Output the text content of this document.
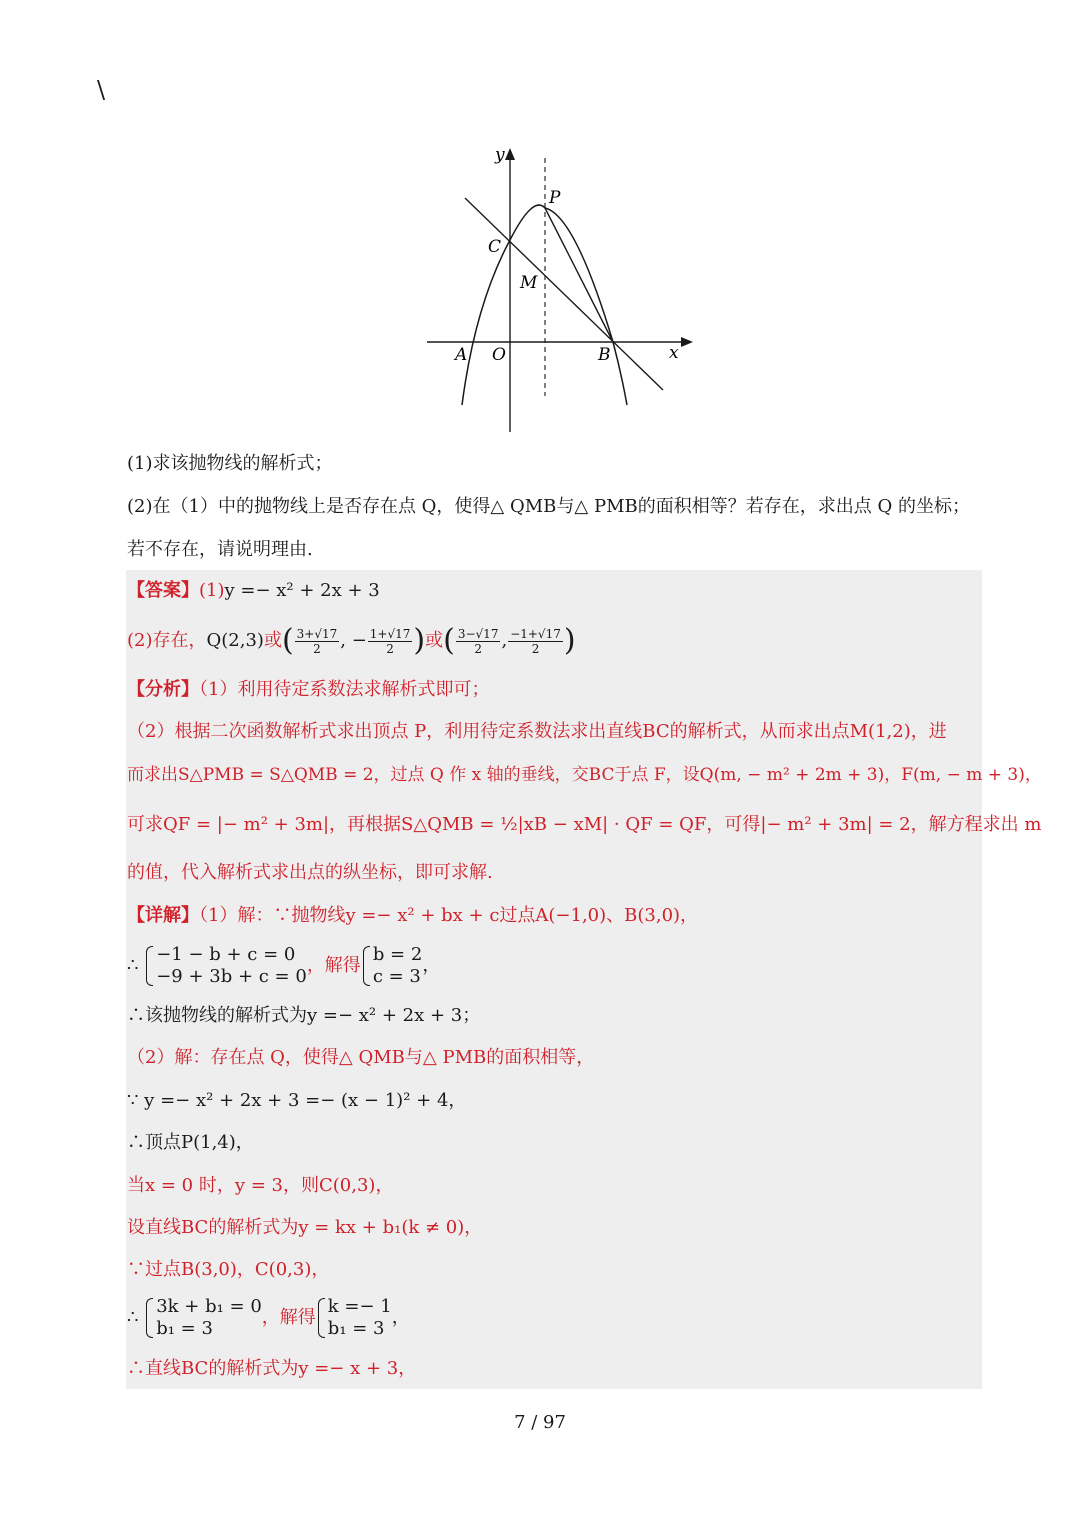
\
y
x
P
C
M
A O	B
(1)求该抛物线的解析式；
(2)在（1）中的抛物线上是否存在点 Q，使得△ QMB与△ PMB的面积相等？若存在，求出点 Q 的坐标；
若不存在，请说明理由.
【答案】(1)y =− x² + 2x + 3
(2)存在，Q(2,3)或( $\frac{3+√17}{2}$ , − $\frac{1+√17}{2}$ )或( $\frac{3-√17}{2}$ , $\frac{-1+√17}{2}$ )
【分析】（1）利用待定系数法求解析式即可；
（2）根据二次函数解析式求出顶点 P，利用待定系数法求出直线BC的解析式，从而求出点M(1,2)，进
而求出S△PMB = S△QMB = 2，过点 Q 作 x 轴的垂线，交BC于点 F，设Q(m, − m² + 2m + 3)，F(m, − m + 3)，
可求QF = |− m² + 3m|，再根据S△QMB = ½|xB − xM| · QF = QF，可得|− m² + 3m| = 2，解方程求出 m
的值，代入解析式求出点的纵坐标，即可求解.
【详解】（1）解：∵抛物线y =− x² + bx + c过点A(−1,0)、B(3,0)，
∴
−1 − b + c = 0
−9 + 3b + c = 0
，解得
b = 2
c = 3
，
∴该抛物线的解析式为y =− x² + 2x + 3；
（2）解：存在点 Q，使得△ QMB与△ PMB的面积相等，
∵ y =− x² + 2x + 3 =− (x − 1)² + 4，
∴顶点P(1,4)，
当x = 0 时，y = 3，则C(0,3)，
设直线BC的解析式为y = kx + b₁(k ≠ 0)，
∵过点B(3,0)，C(0,3)，
∴
3k + b₁ = 0
b₁ = 3
，解得
k =− 1
b₁ = 3
，
∴直线BC的解析式为y =− x + 3，
7 / 97
